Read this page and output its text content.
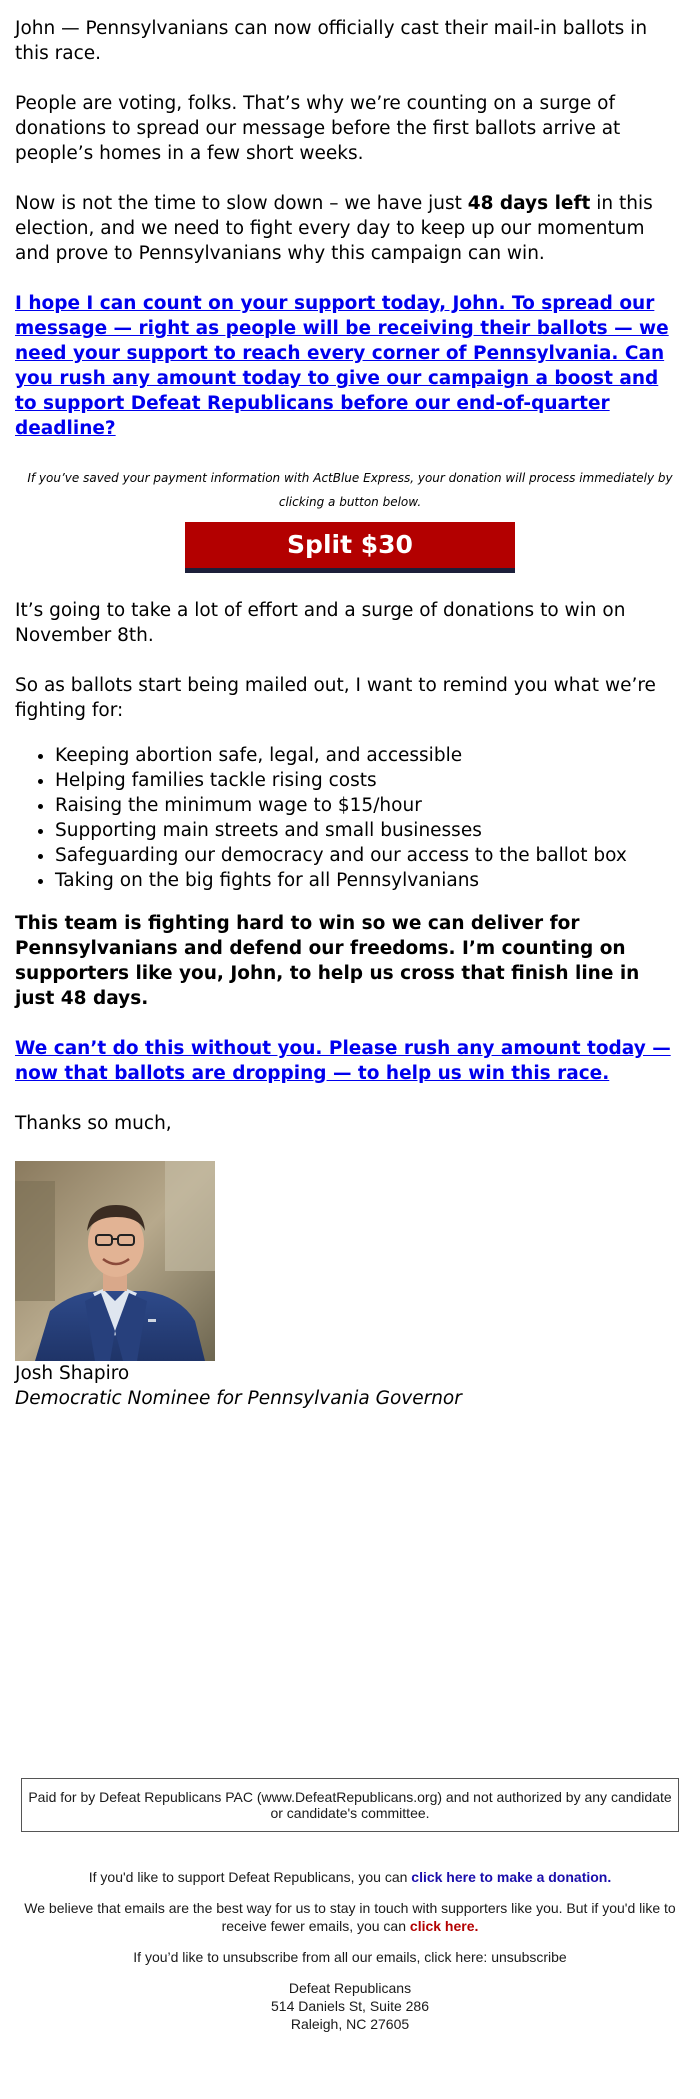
John — Pennsylvanians can now officially cast their mail-in ballots in this race.

People are voting, folks. That’s why we’re counting on a surge of donations to spread our message before the first ballots arrive at people’s homes in a few short weeks.

Now is not the time to slow down – we have just 48 days left in this election, and we need to fight every day to keep up our momentum and prove to Pennsylvanians why this campaign can win.

I hope I can count on your support today, John. To spread our message — right as people will be receiving their ballots — we need your support to reach every corner of Pennsylvania. Can you rush any amount today to give our campaign a boost and to support Defeat Republicans before our end-of-quarter deadline?

If you’ve saved your payment information with ActBlue Express, your donation will process immediately by clicking a button below.
Split $30

It’s going to take a lot of effort and a surge of donations to win on November 8th.

So as ballots start being mailed out, I want to remind you what we’re fighting for:

• Keeping abortion safe, legal, and accessible
• Helping families tackle rising costs
• Raising the minimum wage to $15/hour
• Supporting main streets and small businesses
• Safeguarding our democracy and our access to the ballot box
• Taking on the big fights for all Pennsylvanians

This team is fighting hard to win so we can deliver for Pennsylvanians and defend our freedoms. I’m counting on supporters like you, John, to help us cross that finish line in just 48 days.

We can’t do this without you. Please rush any amount today — now that ballots are dropping — to help us win this race.

Thanks so much,

Josh Shapiro

Democratic Nominee for Pennsylvania Governor

Paid for by Defeat Republicans PAC (www.DefeatRepublicans.org) and not authorized by any candidate or candidate's committee.
If you'd like to support Defeat Republicans, you can click here to make a donation.
We believe that emails are the best way for us to stay in touch with supporters like you. But if you'd like to receive fewer emails, you can click here.
If you’d like to unsubscribe from all our emails, click here: unsubscribe
Defeat Republicans
514 Daniels St, Suite 286
Raleigh, NC 27605
